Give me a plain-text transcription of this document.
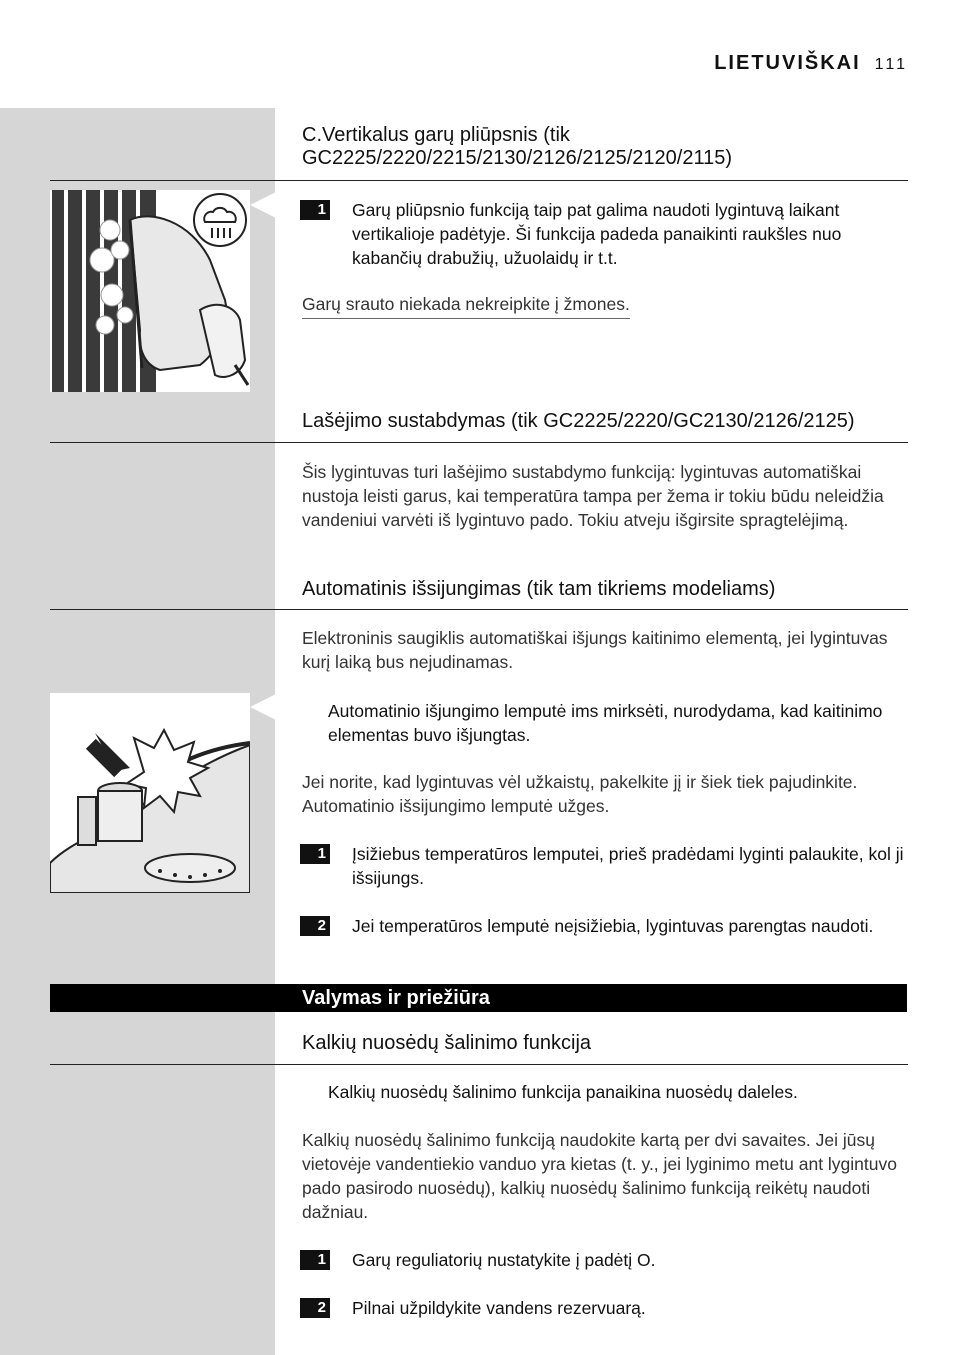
LIETUVIŠKAI 111
C.Vertikalus garų pliūpsnis (tik
GC2225/2220/2215/2130/2126/2125/2120/2115)
1 Garų pliūpsnio funkciją taip pat galima naudoti lygintuvą laikant vertikalioje padėtyje. Ši funkcija padeda panaikinti raukšles nuo kabančių drabužių, užuolaidų ir t.t.
Garų srauto niekada nekreipkite į žmones.
Lašėjimo sustabdymas (tik GC2225/2220/GC2130/2126/2125)
Šis lygintuvas turi lašėjimo sustabdymo funkciją: lygintuvas automatiškai nustoja leisti garus, kai temperatūra tampa per žema ir tokiu būdu neleidžia vandeniui varvėti iš lygintuvo pado. Tokiu atveju išgirsite spragtelėjimą.
Automatinis išsijungimas (tik tam tikriems modeliams)
Elektroninis saugiklis automatiškai išjungs kaitinimo elementą, jei lygintuvas kurį laiką bus nejudinamas.
Automatinio išjungimo lemputė ims mirksėti, nurodydama, kad kaitinimo elementas buvo išjungtas.
Jei norite, kad lygintuvas vėl užkaistų, pakelkite jį ir šiek tiek pajudinkite. Automatinio išsijungimo lemputė užges.
1 Įsižiebus temperatūros lemputei, prieš pradėdami lyginti palaukite, kol ji išsijungs.
2 Jei temperatūros lemputė neįsižiebia, lygintuvas parengtas naudoti.
Valymas ir priežiūra
Kalkių nuosėdų šalinimo funkcija
Kalkių nuosėdų šalinimo funkcija panaikina nuosėdų daleles.
Kalkių nuosėdų šalinimo funkciją naudokite kartą per dvi savaites. Jei jūsų vietovėje vandentiekio vanduo yra kietas (t. y., jei lyginimo metu ant lygintuvo pado pasirodo nuosėdų), kalkių nuosėdų šalinimo funkciją reikėtų naudoti dažniau.
1 Garų reguliatorių nustatykite į padėtį O.
2 Pilnai užpildykite vandens rezervuarą.
